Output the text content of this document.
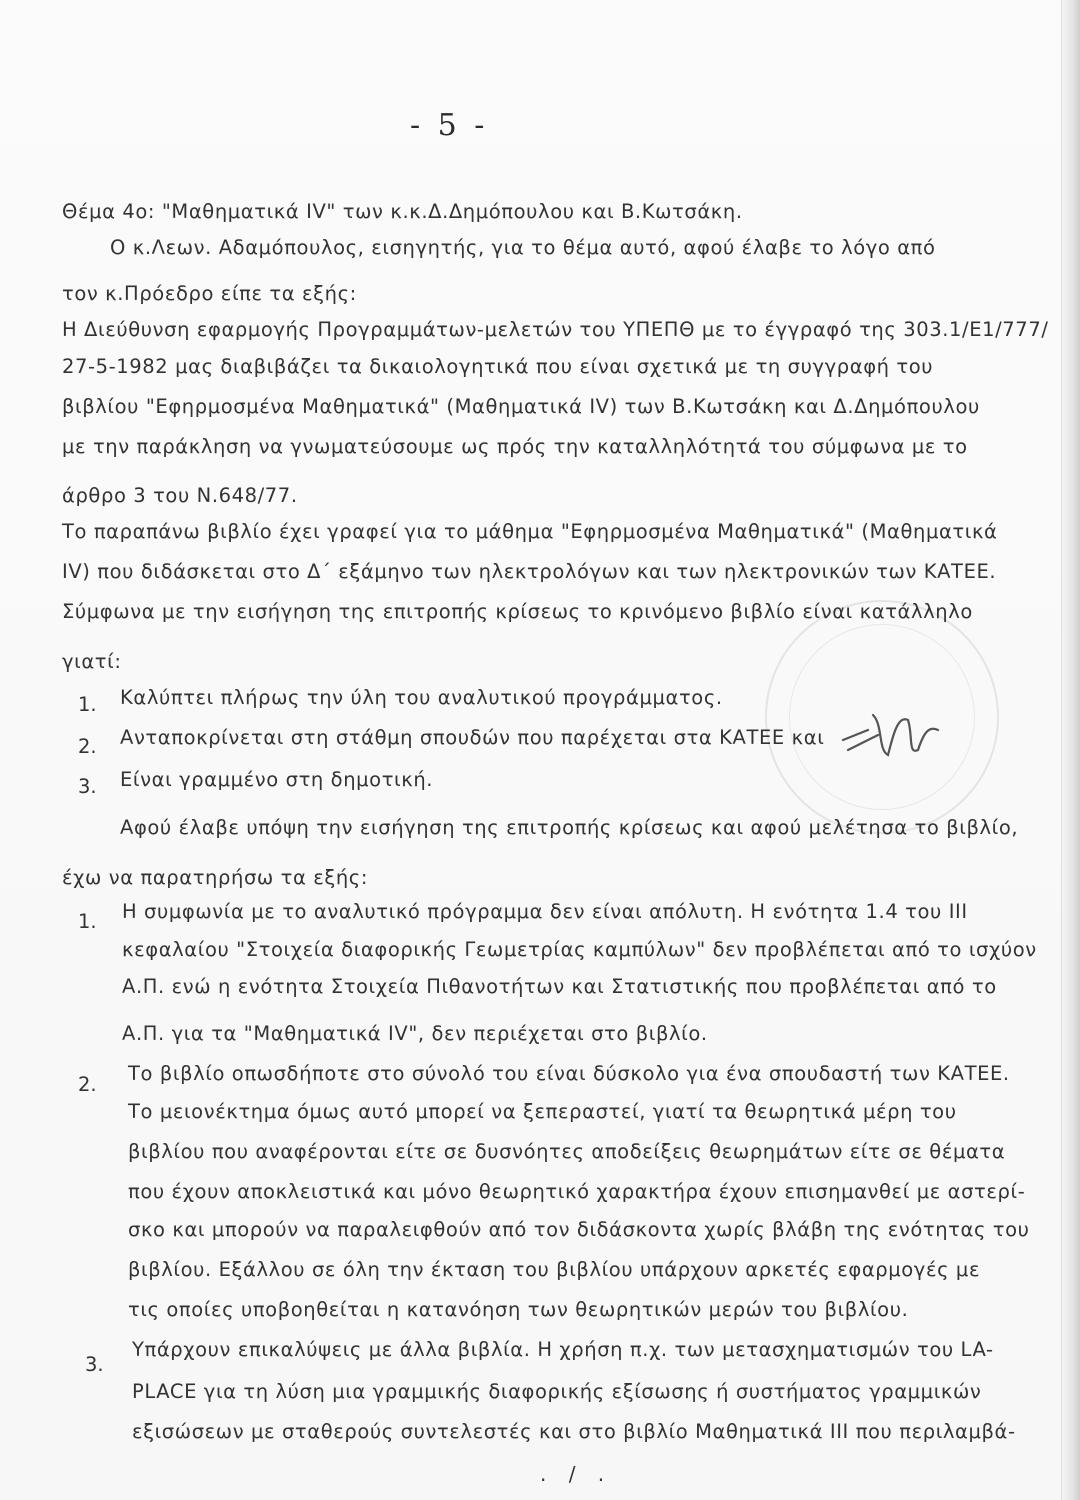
- 5 -
Θέμα 4ο: "Μαθηματικά IV" των κ.κ.Δ.Δημόπουλου και Β.Κωτσάκη.
Ο κ.Λεων. Αδαμόπουλος, εισηγητής, για το θέμα αυτό, αφού έλαβε το λόγο από
τον κ.Πρόεδρο είπε τα εξής:
Η Διεύθυνση εφαρμογής Προγραμμάτων-μελετών του ΥΠΕΠΘ με το έγγραφό της 303.1/Ε1/777/
27-5-1982 μας διαβιβάζει τα δικαιολογητικά που είναι σχετικά με τη συγγραφή του
βιβλίου "Εφηρμοσμένα Μαθηματικά" (Μαθηματικά IV) των Β.Κωτσάκη και Δ.Δημόπουλου
με την παράκληση να γνωματεύσουμε ως πρός την καταλληλότητά του σύμφωνα με το
άρθρο 3 του Ν.648/77.
Το παραπάνω βιβλίο έχει γραφεί για το μάθημα "Εφηρμοσμένα Μαθηματικά" (Μαθηματικά
IV) που διδάσκεται στο Δ΄ εξάμηνο των ηλεκτρολόγων και των ηλεκτρονικών των ΚΑΤΕΕ.
Σύμφωνα με την εισήγηση της επιτροπής κρίσεως το κρινόμενο βιβλίο είναι κατάλληλο
γιατί:
1. Καλύπτει πλήρως την ύλη του αναλυτικού προγράμματος.
2. Ανταποκρίνεται στη στάθμη σπουδών που παρέχεται στα ΚΑΤΕΕ και
3. Είναι γραμμένο στη δημοτική.
Αφού έλαβε υπόψη την εισήγηση της επιτροπής κρίσεως και αφού μελέτησα το βιβλίο,
έχω να παρατηρήσω τα εξής:
1. Η συμφωνία με το αναλυτικό πρόγραμμα δεν είναι απόλυτη. Η ενότητα 1.4 του III
κεφαλαίου "Στοιχεία διαφορικής Γεωμετρίας καμπύλων" δεν προβλέπεται από το ισχύον
Α.Π. ενώ η ενότητα Στοιχεία Πιθανοτήτων και Στατιστικής που προβλέπεται από το
Α.Π. για τα "Μαθηματικά IV", δεν περιέχεται στο βιβλίο.
2. Το βιβλίο οπωσδήποτε στο σύνολό του είναι δύσκολο για ένα σπουδαστή των ΚΑΤΕΕ.
Το μειονέκτημα όμως αυτό μπορεί να ξεπεραστεί, γιατί τα θεωρητικά μέρη του
βιβλίου που αναφέρονται είτε σε δυσνόητες αποδείξεις θεωρημάτων είτε σε θέματα
που έχουν αποκλειστικά και μόνο θεωρητικό χαρακτήρα έχουν επισημανθεί με αστερί-
σκο και μπορούν να παραλειφθούν από τον διδάσκοντα χωρίς βλάβη της ενότητας του
βιβλίου. Εξάλλου σε όλη την έκταση του βιβλίου υπάρχουν αρκετές εφαρμογές με
τις οποίες υποβοηθείται η κατανόηση των θεωρητικών μερών του βιβλίου.
3.
Υπάρχουν επικαλύψεις με άλλα βιβλία. Η χρήση π.χ. των μετασχηματισμών του LA-
PLACE για τη λύση μια γραμμικής διαφορικής εξίσωσης ή συστήματος γραμμικών
εξισώσεων με σταθερούς συντελεστές και στο βιβλίο Μαθηματικά III που περιλαμβά-
. / .
